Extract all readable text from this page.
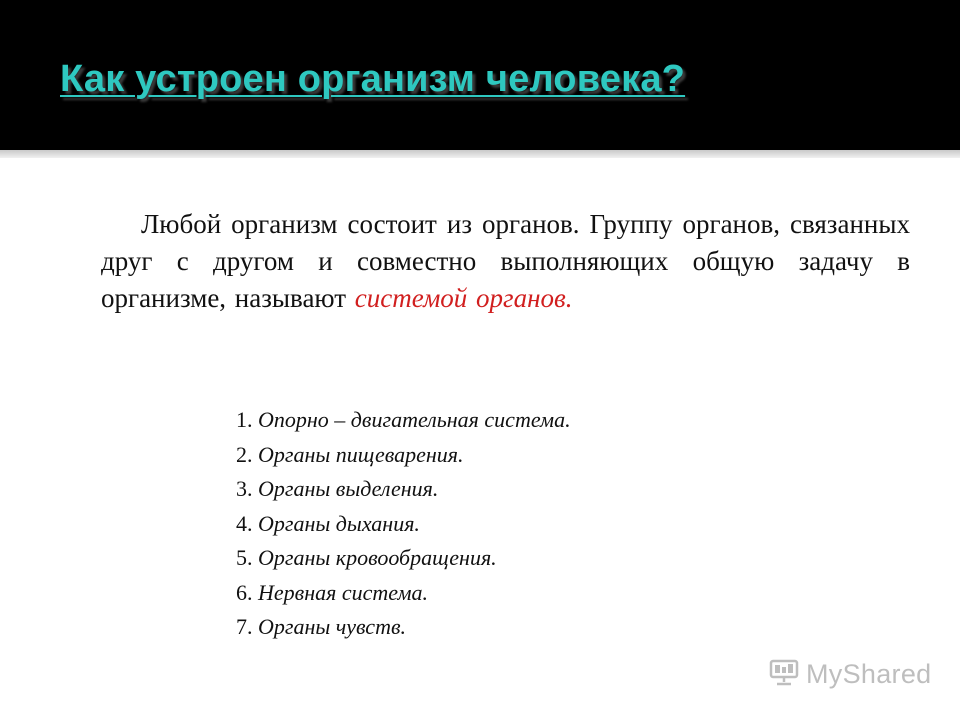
Как устроен организм человека?

Любой организм состоит из органов. Группу органов, связанных друг с другом и совместно выполняющих общую задачу в организме, называют системой органов.

1. Опорно – двигательная система.
2. Органы пищеварения.
3. Органы выделения.
4. Органы дыхания.
5. Органы кровообращения.
6. Нервная система.
7. Органы чувств.
MyShared
